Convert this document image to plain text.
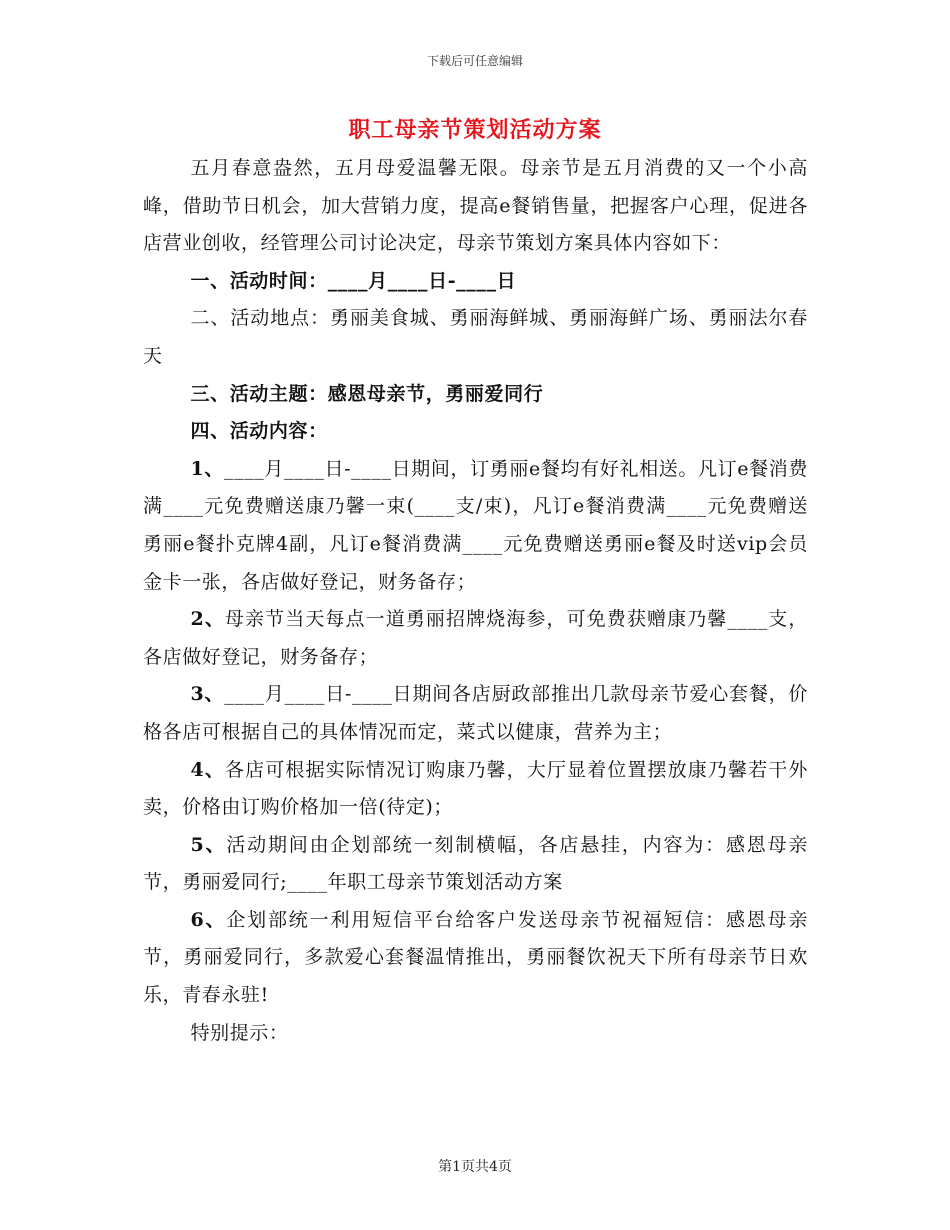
下载后可任意编辑
职工母亲节策划活动方案

五月春意盎然，五月母爱温馨无限。母亲节是五月消费的又一个小高峰，借助节日机会，加大营销力度，提高e餐销售量，把握客户心理，促进各店营业创收，经管理公司讨论决定，母亲节策划方案具体内容如下：

一、活动时间：____月____日-____日

二、活动地点：勇丽美食城、勇丽海鲜城、勇丽海鲜广场、勇丽法尔春天

三、活动主题：感恩母亲节，勇丽爱同行

四、活动内容：

1、____月____日-____日期间，订勇丽e餐均有好礼相送。凡订e餐消费满____元免费赠送康乃馨一束(____支/束)，凡订e餐消费满____元免费赠送勇丽e餐扑克牌4副，凡订e餐消费满____元免费赠送勇丽e餐及时送vip会员金卡一张，各店做好登记，财务备存；

2、母亲节当天每点一道勇丽招牌烧海参，可免费获赠康乃馨____支，各店做好登记，财务备存；

3、____月____日-____日期间各店厨政部推出几款母亲节爱心套餐，价格各店可根据自己的具体情况而定，菜式以健康，营养为主；

4、各店可根据实际情况订购康乃馨，大厅显着位置摆放康乃馨若干外卖，价格由订购价格加一倍(待定)；

5、活动期间由企划部统一刻制横幅，各店悬挂，内容为：感恩母亲节，勇丽爱同行;____年职工母亲节策划活动方案

6、企划部统一利用短信平台给客户发送母亲节祝福短信：感恩母亲节，勇丽爱同行，多款爱心套餐温情推出，勇丽餐饮祝天下所有母亲节日欢乐，青春永驻!

特别提示：

第1页共4页
